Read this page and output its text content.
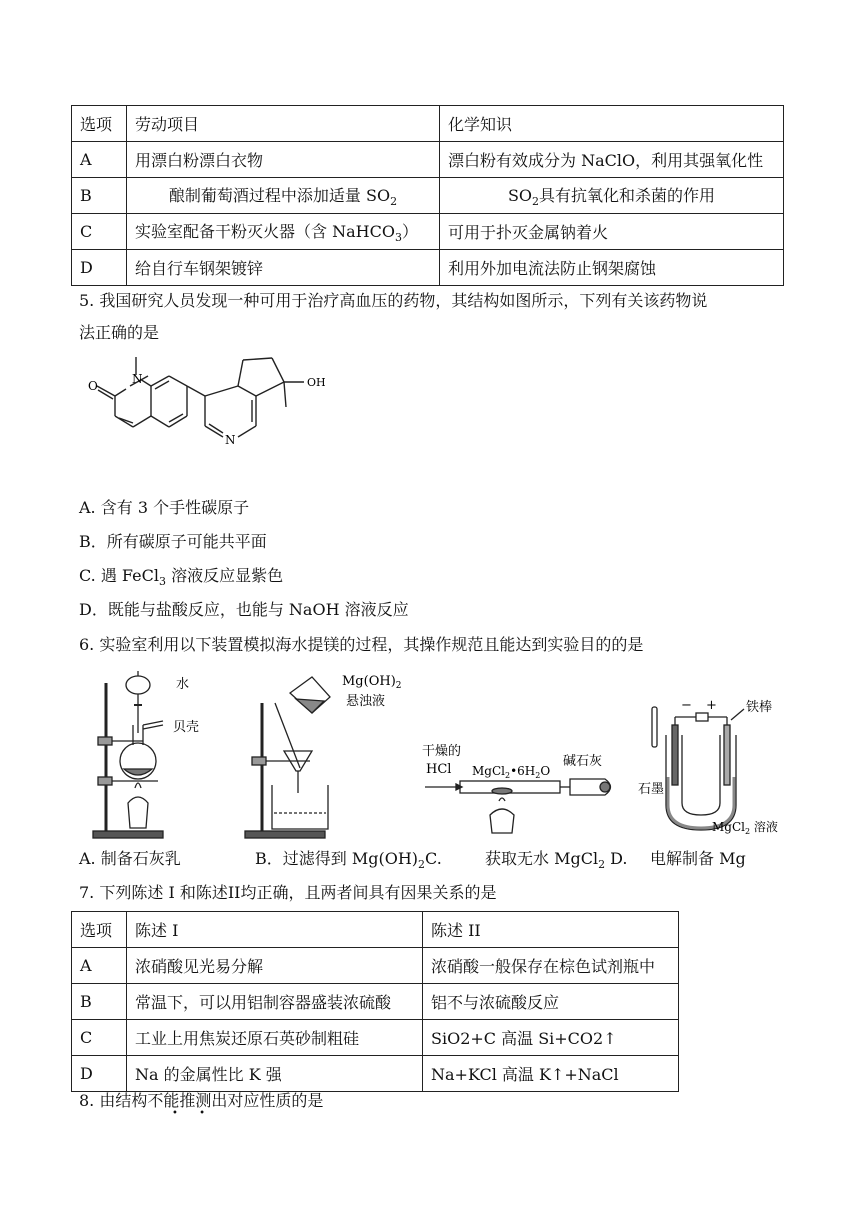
选项	劳动项目	化学知识
A	用漂白粉漂白衣物	漂白粉有效成分为 NaClO，利用其强氧化性
B	酿制葡萄酒过程中添加适量 $SO_2$	$SO_2$具有抗氧化和杀菌的作用
C	实验室配备干粉灭火器（含 NaHCO$_3$）	可用于扑灭金属钠着火
D	给自行车钢架镀锌	利用外加电流法防止钢架腐蚀
5. 我国研究人员发现一种可用于治疗高血压的药物，其结构如图所示，下列有关该药物说
法正确的是
O	N	OH
N
A. 含有 3 个手性碳原子
B．所有碳原子可能共平面
C. 遇 FeCl$_3$ 溶液反应显紫色
D．既能与盐酸反应，也能与 NaOH 溶液反应
6. 实验室利用以下装置模拟海水提镁的过程，其操作规范且能达到实验目的的是
水
贝壳
$Mg(OH)_2$
悬浊液
干燥的
HCl $MgCl_2•6H_2O$
碱石灰
− + 铁棒
石墨
MgCl$_2$ 溶液
A. 制备石灰乳	B．过滤得到 $Mg(OH)_2C$.	获取无水 MgCl$_2$ D. 电解制备 Mg
7. 下列陈述 I 和陈述II均正确，且两者间具有因果关系的是
选项	陈述 I	陈述 II
A	浓硝酸见光易分解	浓硝酸一般保存在棕色试剂瓶中
B	常温下，可以用铝制容器盛装浓硫酸	铝不与浓硫酸反应
C	工业上用焦炭还原石英砂制粗硅	SiO2+C 高温 Si+CO2↑
D	Na 的金属性比 K 强	Na+KCl 高温 K↑+NaCl
8. 由结构不能推测出对应性质的是
• •
